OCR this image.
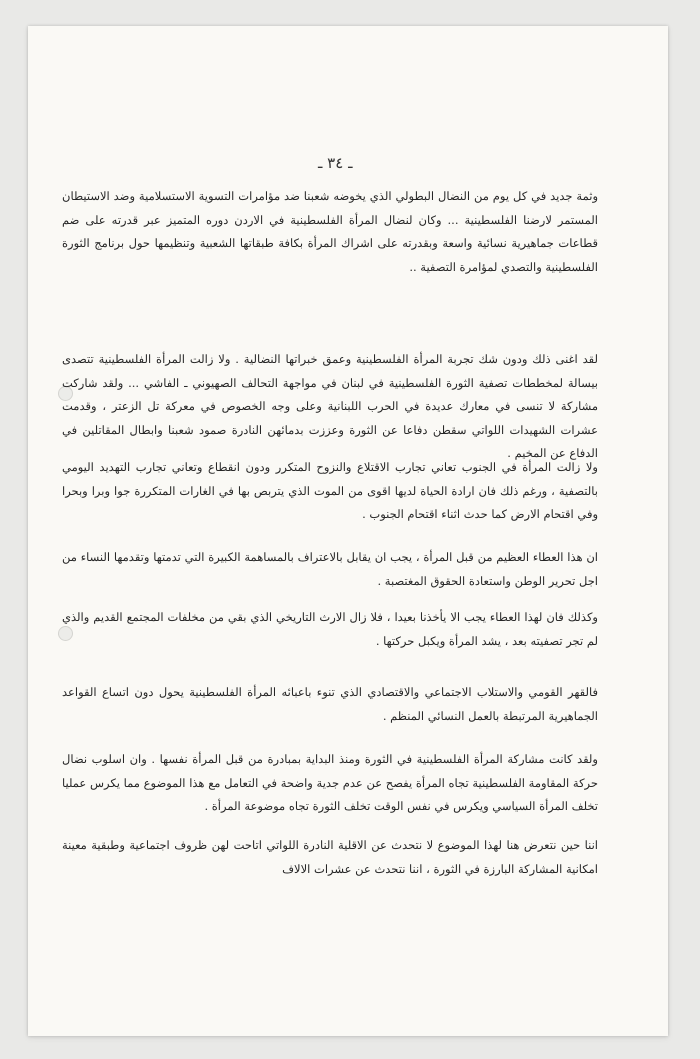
ـ ٣٤ ـ

وثمة جديد في كل يوم من النضال البطولي الذي يخوضه شعبنا ضد مؤامرات التسوية الاستسلامية وضد الاستيطان المستمر لارضنا الفلسطينية ... وكان لنضال المرأة الفلسطينية في الاردن دوره المتميز عبر قدرته على ضم قطاعات جماهيرية نسائية واسعة وبقدرته على اشراك المرأة بكافة طبقاتها الشعبية وتنظيمها حول برنامج الثورة الفلسطينية والتصدي لمؤامرة التصفية ..

لقد اغنى ذلك ودون شك تجربة المرأة الفلسطينية وعمق خبراتها النضالية . ولا زالت المرأة الفلسطينية تتصدى بيسالة لمخططات تصفية الثورة الفلسطينية في لبنان في مواجهة التحالف الصهيوني ـ الفاشي ... ولقد شاركت مشاركة لا تنسى في معارك عديدة في الحرب اللبنانية وعلى وجه الخصوص في معركة تل الزعتر ، وقدمت عشرات الشهيدات اللواتي سقطن دفاعا عن الثورة وعززت بدمائهن النادرة صمود شعبنا وابطال المقاتلين في الدفاع عن المخيم .

ولا زالت المرأة في الجنوب تعاني تجارب الاقتلاع والنزوح المتكرر ودون انقطاع وتعاني تجارب التهديد اليومي بالتصفية ، ورغم ذلك فان ارادة الحياة لديها اقوى من الموت الذي يتربص بها في الغارات المتكررة جوا وبرا وبحرا وفي اقتحام الارض كما حدث اثناء اقتحام الجنوب .

ان هذا العطاء العظيم من قبل المرأة ، يجب ان يقابل بالاعتراف بالمساهمة الكبيرة التي تدمتها وتقدمها النساء من اجل تحرير الوطن واستعادة الحقوق المغتصبة .

وكذلك فان لهذا العطاء يجب الا يأخذنا بعيدا ، فلا زال الارث التاريخي الذي بقي من مخلفات المجتمع القديم والذي لم تجر تصفيته بعد ، يشد المرأة ويكبل حركتها .

فالقهر القومي والاستلاب الاجتماعي والاقتصادي الذي تنوء باعبائه المرأة الفلسطينية يحول دون اتساع القواعد الجماهيرية المرتبطة بالعمل النسائي المنظم .

ولقد كانت مشاركة المرأة الفلسطينية في الثورة ومنذ البداية بمبادرة من قبل المرأة نفسها . وان اسلوب نضال حركة المقاومة الفلسطينية تجاه المرأة يفصح عن عدم جدية واضحة في التعامل مع هذا الموضوع مما يكرس عمليا تخلف المرأة السياسي ويكرس في نفس الوقت تخلف الثورة تجاه موضوعة المرأة .

اننا حين نتعرض هنا لهذا الموضوع لا نتحدث عن الاقلية النادرة اللواتي اتاحت لهن ظروف اجتماعية وطبقية معينة امكانية المشاركة البارزة في الثورة ، اننا نتحدث عن عشرات الالاف
